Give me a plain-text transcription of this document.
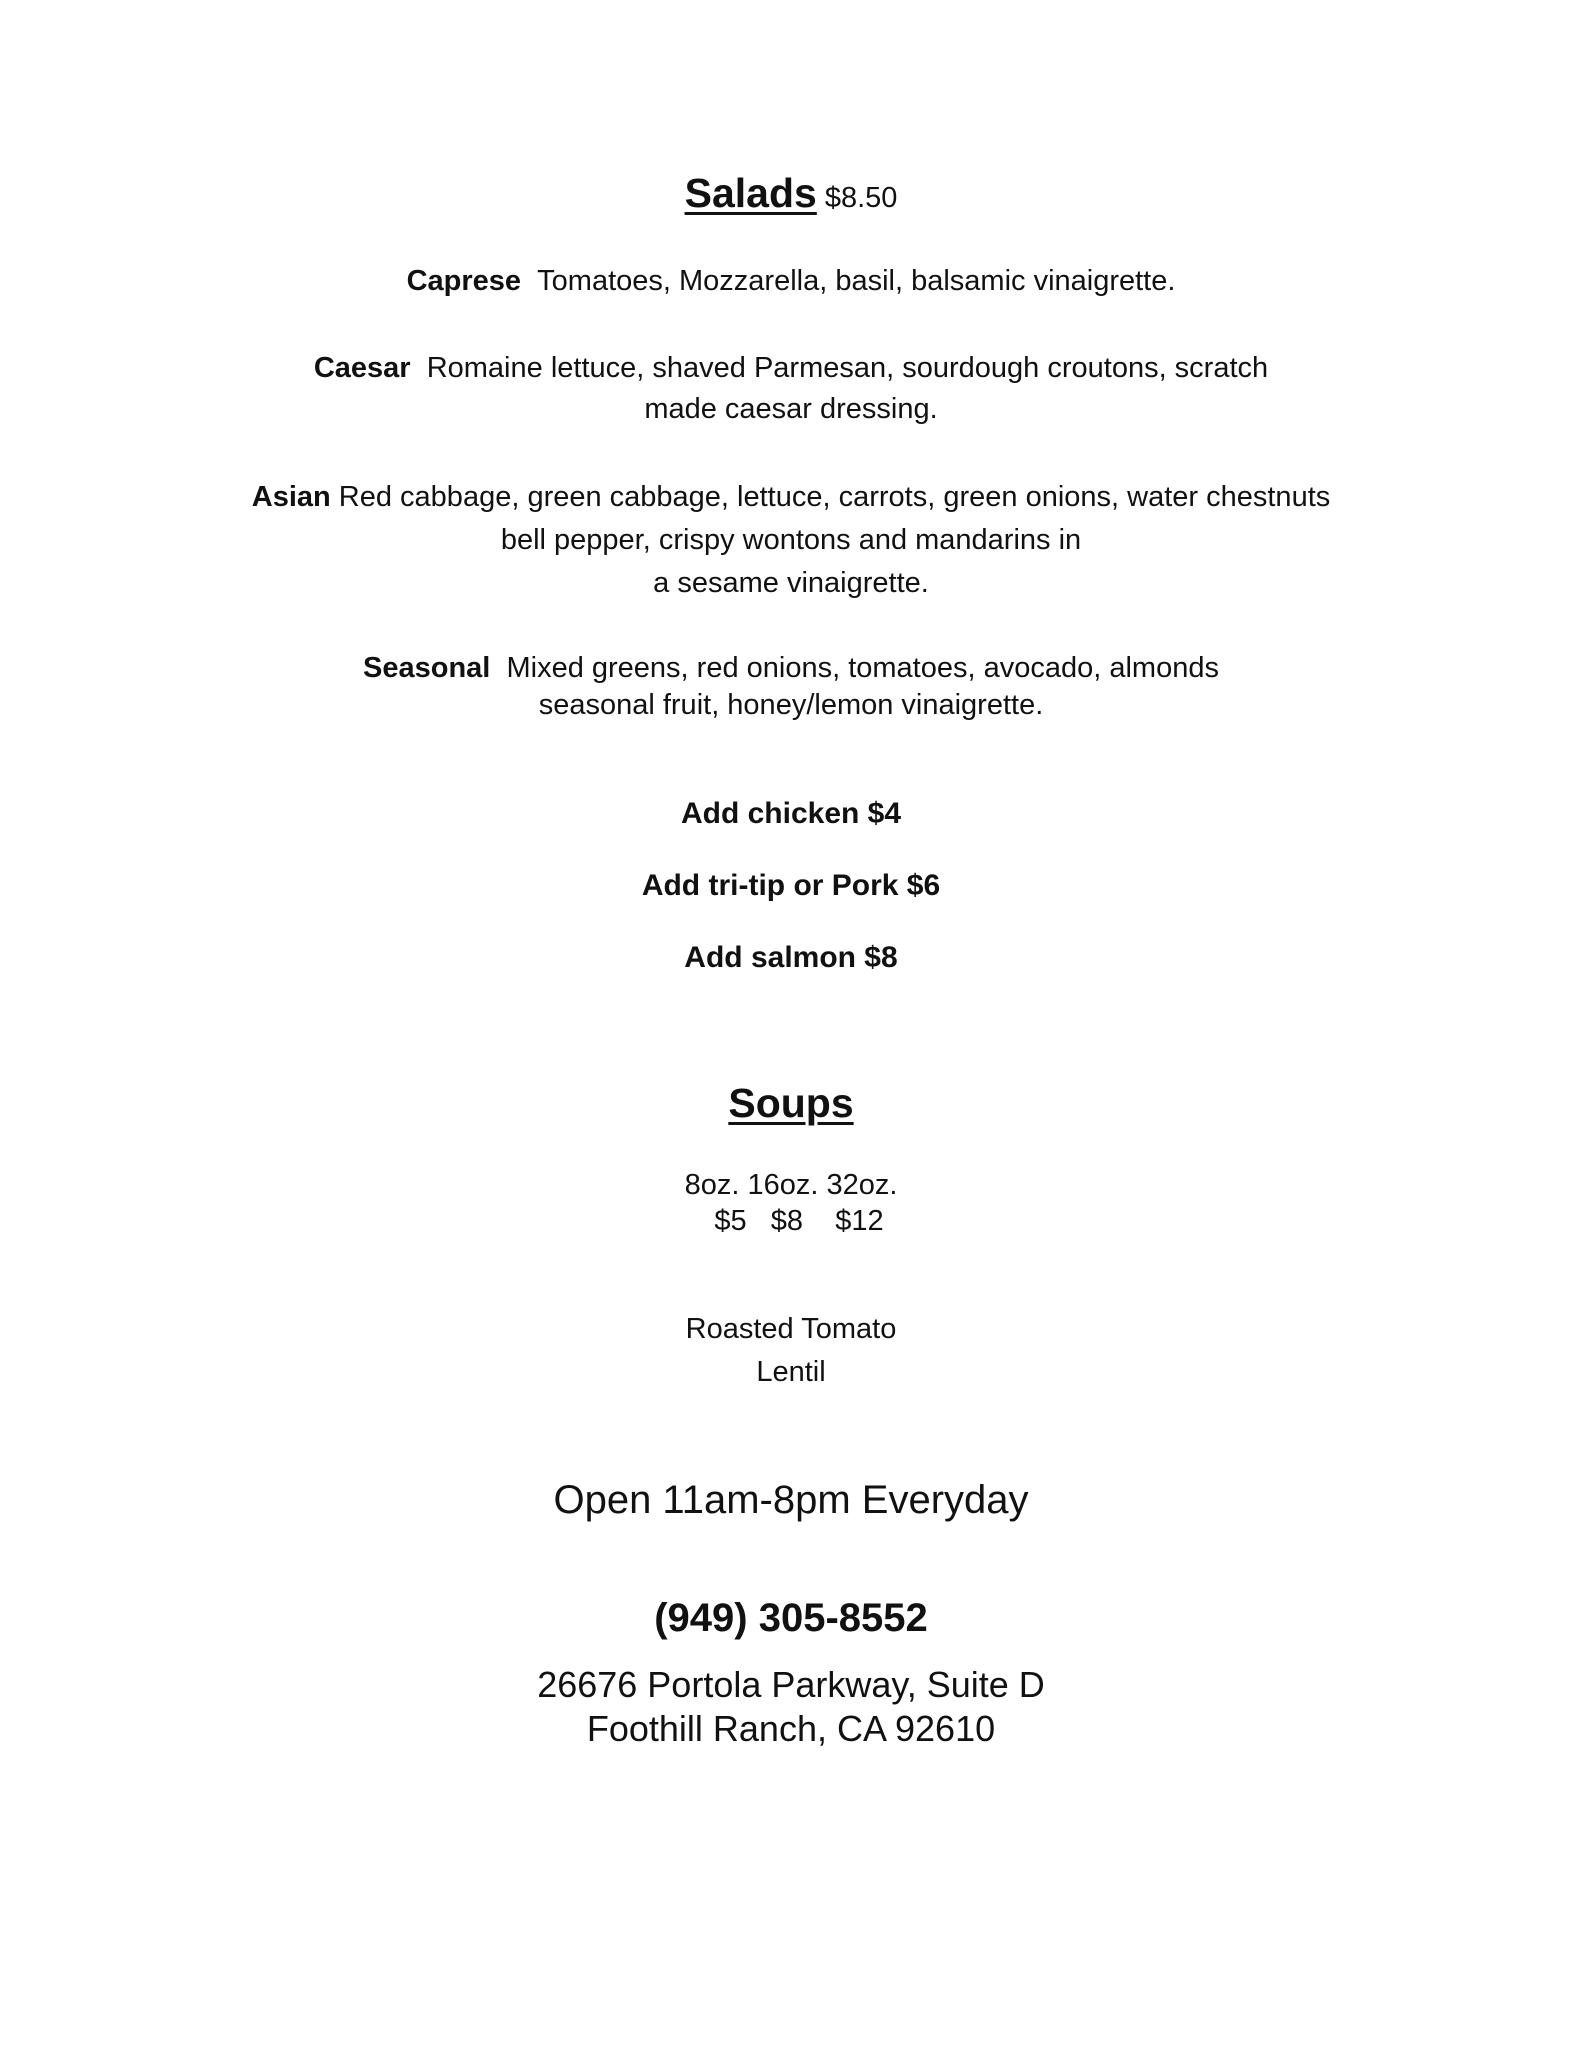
Salads $8.50
Caprese Tomatoes, Mozzarella, basil, balsamic vinaigrette.
Caesar Romaine lettuce, shaved Parmesan, sourdough croutons, scratch
made caesar dressing.
Asian Red cabbage, green cabbage, lettuce, carrots, green onions, water chestnuts
bell pepper, crispy wontons and mandarins in
a sesame vinaigrette.
Seasonal Mixed greens, red onions, tomatoes, avocado, almonds
seasonal fruit, honey/lemon vinaigrette.
Add chicken $4
Add tri-tip or Pork $6
Add salmon $8
Soups
8oz. 16oz. 32oz.
$5 $8 $12
Roasted Tomato
Lentil
Open 11am-8pm Everyday
(949) 305-8552
26676 Portola Parkway, Suite D
Foothill Ranch, CA 92610
